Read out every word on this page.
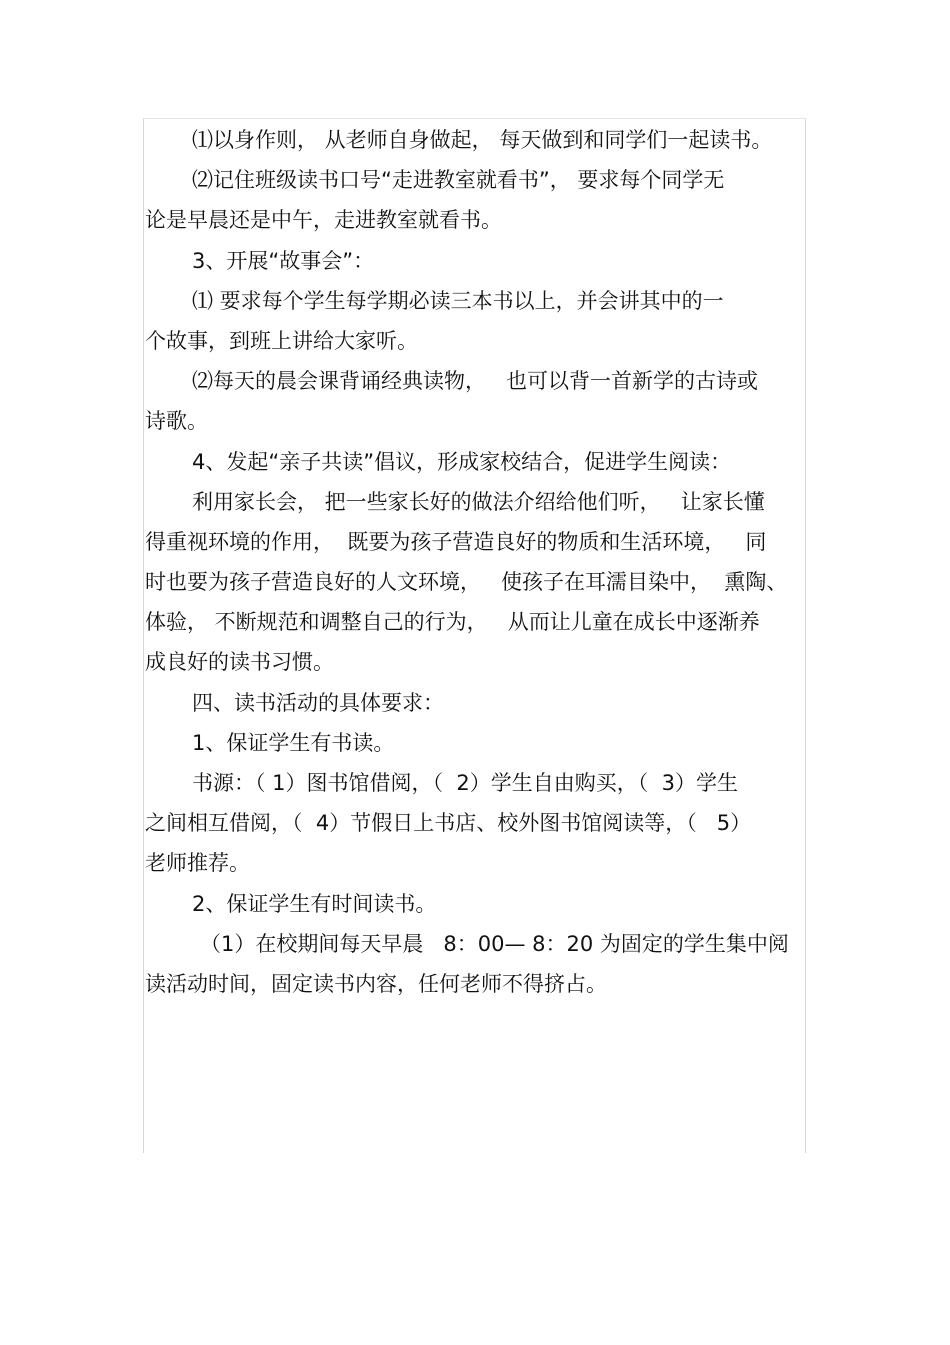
⑴以身作则， 从老师自身做起， 每天做到和同学们一起读书。
⑵记住班级读书口号“走进教室就看书”， 要求每个同学无
论是早晨还是中午，走进教室就看书。
3、开展“故事会”：
⑴ 要求每个学生每学期必读三本书以上，并会讲其中的一
个故事，到班上讲给大家听。
⑵每天的晨会课背诵经典读物，   也可以背一首新学的古诗或
诗歌。
4、发起“亲子共读”倡议，形成家校结合，促进学生阅读：
利用家长会， 把一些家长好的做法介绍给他们听，   让家长懂
得重视环境的作用，  既要为孩子营造良好的物质和生活环境，   同
时也要为孩子营造良好的人文环境，   使孩子在耳濡目染中，  熏陶、
体验， 不断规范和调整自己的行为，   从而让儿童在成长中逐渐养
成良好的读书习惯。
四、读书活动的具体要求：
1、保证学生有书读。
书源：（ 1）图书馆借阅，（  2）学生自由购买，（  3）学生
之间相互借阅，（  4）节假日上书店、校外图书馆阅读等，（   5）
老师推荐。
2、保证学生有时间读书。
（1）在校期间每天早晨   8：00— 8：20 为固定的学生集中阅
读活动时间，固定读书内容，任何老师不得挤占。
